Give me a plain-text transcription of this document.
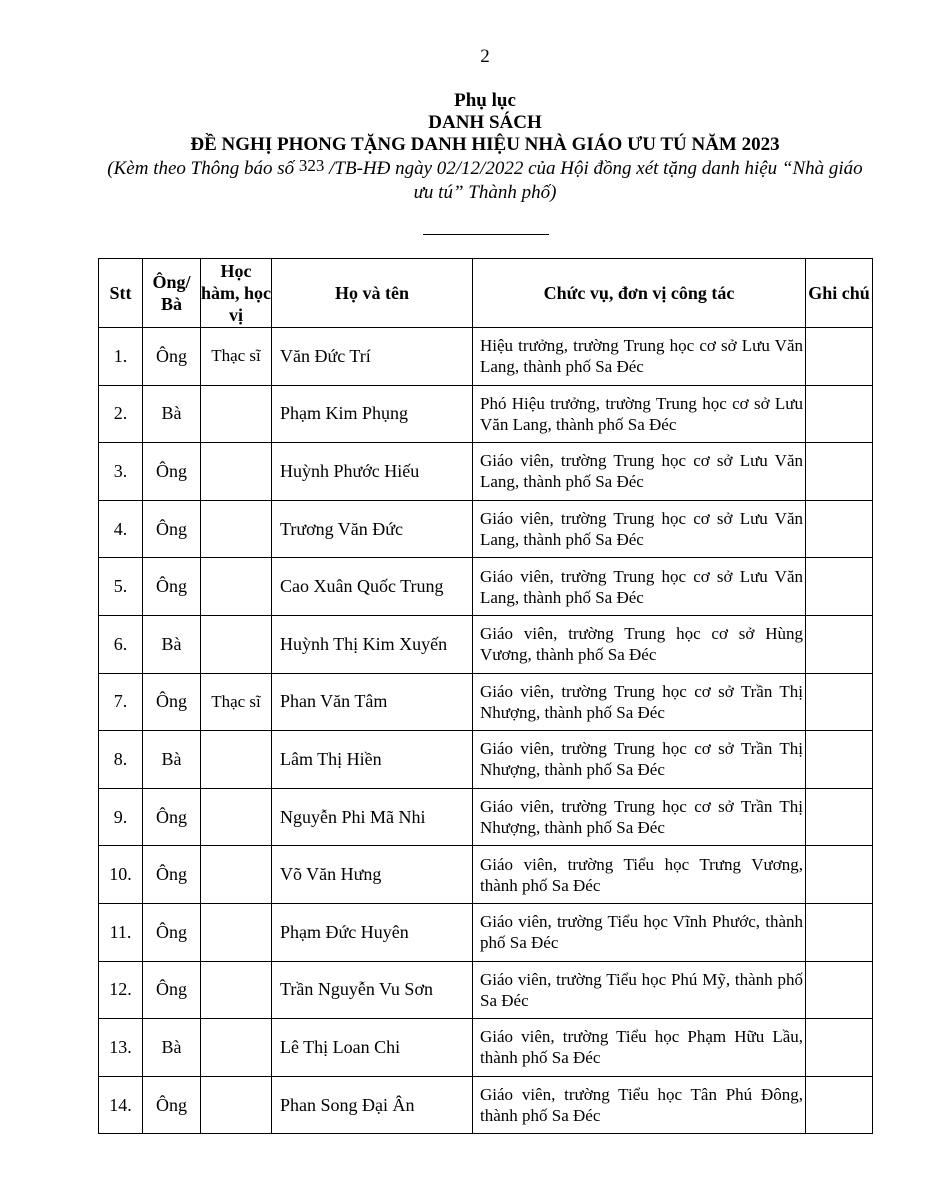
2
Phụ lục
DANH SÁCH
ĐỀ NGHỊ PHONG TẶNG DANH HIỆU NHÀ GIÁO ƯU TÚ NĂM 2023
(Kèm theo Thông báo số 323 /TB-HĐ ngày 02/12/2022 của Hội đồng xét tặng danh hiệu “Nhà giáo ưu tú” Thành phố)
Stt	Ông/ Bà	Học hàm, học vị	Họ và tên	Chức vụ, đơn vị công tác	Ghi chú
1.	Ông	Thạc sĩ	Văn Đức Trí	Hiệu trưởng, trường Trung học cơ sở Lưu Văn Lang, thành phố Sa Đéc	
2.	Bà		Phạm Kim Phụng	Phó Hiệu trưởng, trường Trung học cơ sở Lưu Văn Lang, thành phố Sa Đéc	
3.	Ông		Huỳnh Phước Hiếu	Giáo viên, trường Trung học cơ sở Lưu Văn Lang, thành phố Sa Đéc	
4.	Ông		Trương Văn Đức	Giáo viên, trường Trung học cơ sở Lưu Văn Lang, thành phố Sa Đéc	
5.	Ông		Cao Xuân Quốc Trung	Giáo viên, trường Trung học cơ sở Lưu Văn Lang, thành phố Sa Đéc	
6.	Bà		Huỳnh Thị Kim Xuyến	Giáo viên, trường Trung học cơ sở Hùng Vương, thành phố Sa Đéc	
7.	Ông	Thạc sĩ	Phan Văn Tâm	Giáo viên, trường Trung học cơ sở Trần Thị Nhượng, thành phố Sa Đéc	
8.	Bà		Lâm Thị Hiền	Giáo viên, trường Trung học cơ sở Trần Thị Nhượng, thành phố Sa Đéc	
9.	Ông		Nguyễn Phi Mã Nhi	Giáo viên, trường Trung học cơ sở Trần Thị Nhượng, thành phố Sa Đéc	
10.	Ông		Võ Văn Hưng	Giáo viên, trường Tiểu học Trưng Vương, thành phố Sa Đéc	
11.	Ông		Phạm Đức Huyên	Giáo viên, trường Tiểu học Vĩnh Phước, thành phố Sa Đéc	
12.	Ông		Trần Nguyễn Vu Sơn	Giáo viên, trường Tiểu học Phú Mỹ, thành phố Sa Đéc	
13.	Bà		Lê Thị Loan Chi	Giáo viên, trường Tiểu học Phạm Hữu Lầu, thành phố Sa Đéc	
14.	Ông		Phan Song Đại Ân	Giáo viên, trường Tiểu học Tân Phú Đông, thành phố Sa Đéc	
